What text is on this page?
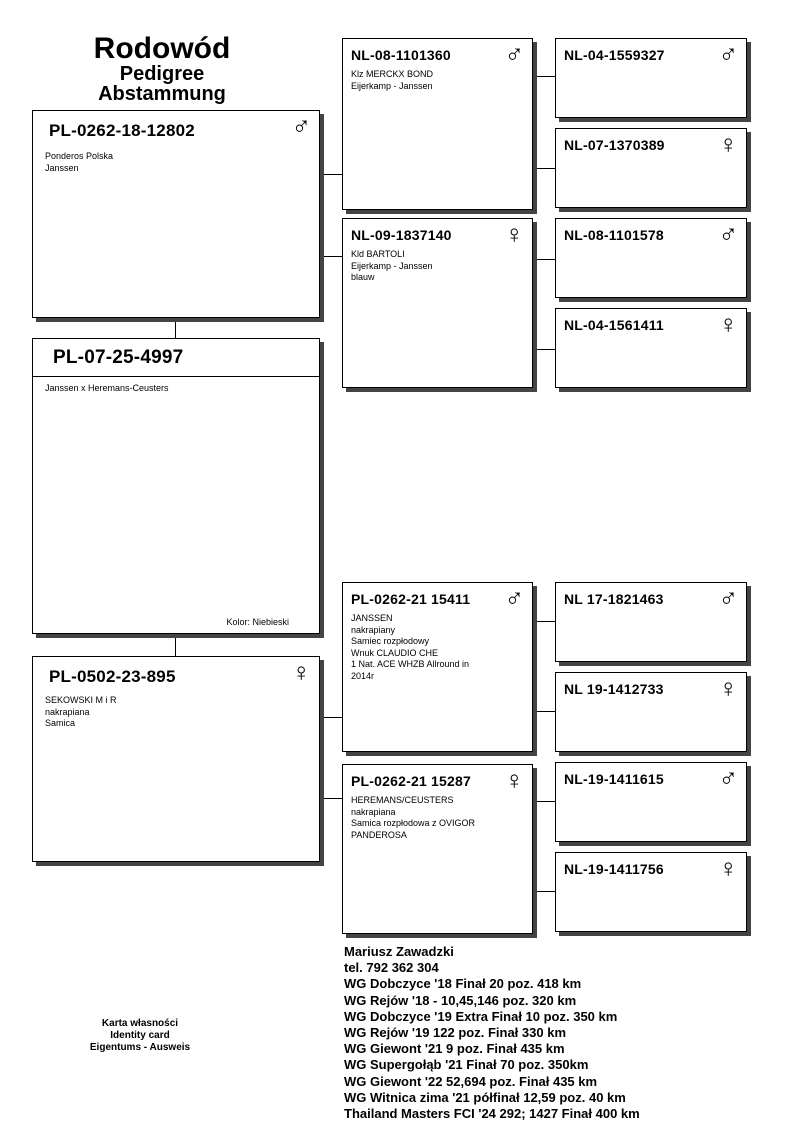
Rodowód
Pedigree
Abstammung
PL-0262-18-12802	♂
Ponderos Polska
Janssen
PL-07-25-4997
Janssen x Heremans-Ceusters
Kolor: Niebieski
PL-0502-23-895	♀
SEKOWSKI M i R
nakrapiana
Samica
NL-08-1101360 ♂
Klz MERCKX BOND
Eijerkamp - Janssen
NL-09-1837140 ♀
Kld BARTOLI
Eijerkamp - Janssen
blauw
PL-0262-21 15411 ♂
JANSSEN
nakrapiany
Samiec rozpłodowy
Wnuk CLAUDIO CHE
1 Nat. ACE WHZB Allround in
2014r
PL-0262-21 15287 ♀
HEREMANS/CEUSTERS
nakrapiana
Samica rozpłodowa z OVIGOR
PANDEROSA
NL-04-1559327 ♂
NL-07-1370389 ♀
NL-08-1101578 ♂
NL-04-1561411 ♀
NL 17-1821463 ♂
NL 19-1412733 ♀
NL-19-1411615 ♂
NL-19-1411756 ♀
Karta własności
Identity card
Eigentums - Ausweis
Mariusz Zawadzki
tel. 792 362 304
WG Dobczyce '18 Finał 20 poz. 418 km
WG Rejów '18 - 10,45,146 poz. 320 km
WG Dobczyce '19 Extra Finał 10 poz. 350 km
WG Rejów '19 122 poz. Finał 330 km
WG Giewont '21 9 poz. Finał 435 km
WG Supergołąb '21 Finał 70 poz. 350km
WG Giewont '22 52,694 poz. Finał 435 km
WG Witnica zima '21 półfinał 12,59 poz. 40 km
Thailand Masters FCI '24 292; 1427 Finał 400 km
